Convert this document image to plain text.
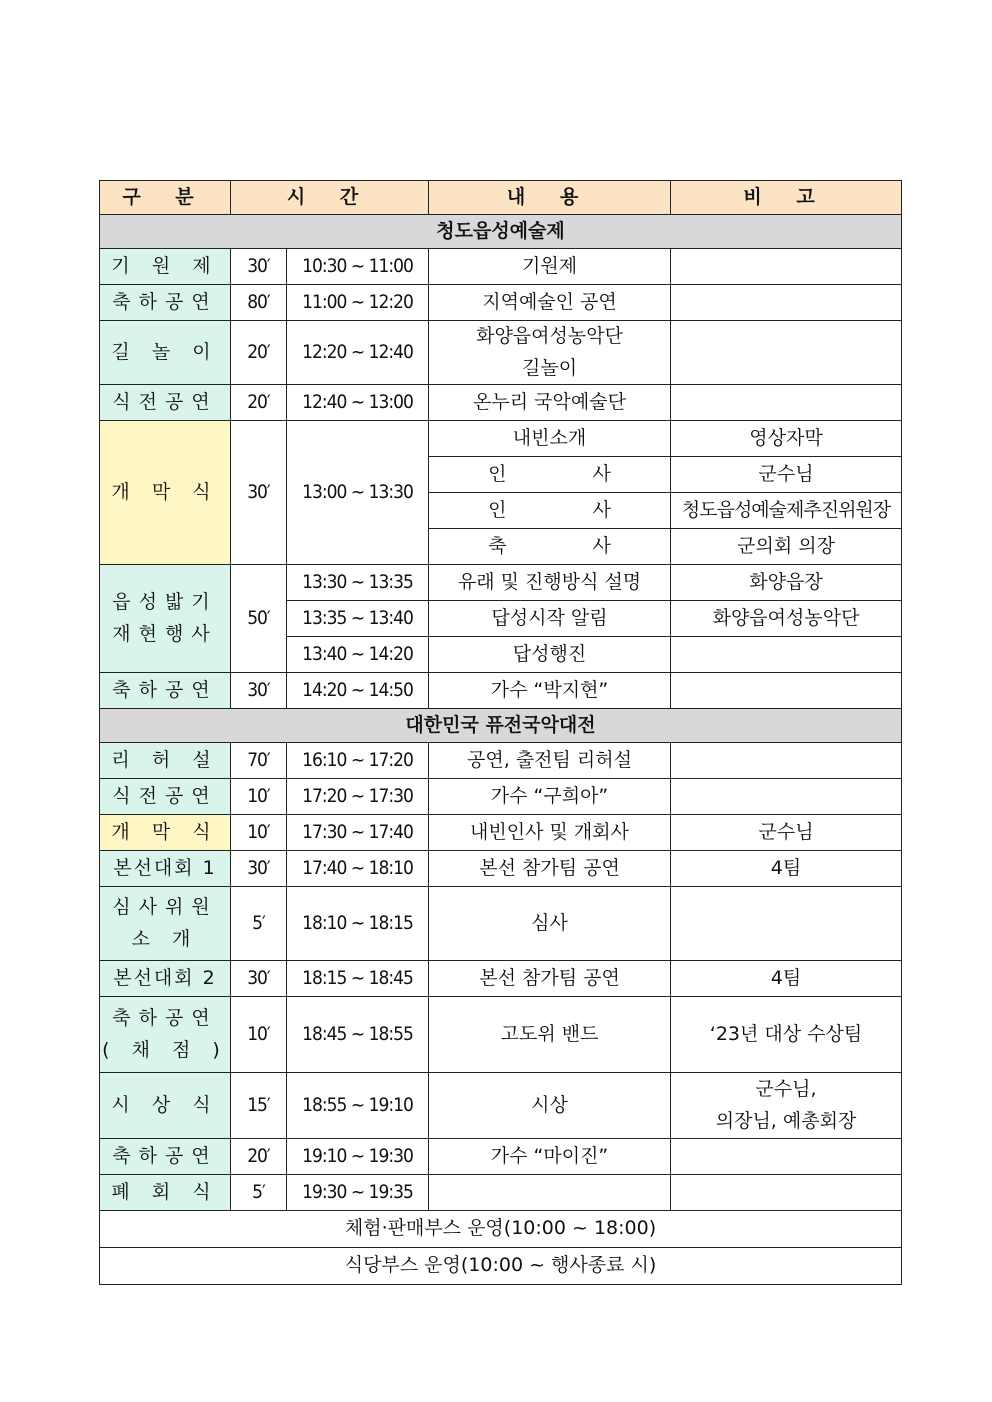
구 분	시 간		내 용	비 고
청도읍성예술제				
기 원 제	30′	10:30 ~ 11:00	기원제	
축하공연	80′	11:00 ~ 12:20	지역예술인 공연	
길 놀 이	20′	12:20 ~ 12:40	화양읍여성농악단
길놀이	

식전공연	20′	12:40 ~ 13:00	온누리 국악예술단	
개 막 식	30′	13:00 ~ 13:30	내빈소개	영상자막
			인 사	군수님
			인 사	청도읍성예술제추진위원장
			축 사	군의회 의장

읍성밟기
재현행사	50′	13:30 ~ 13:35	유래 및 진행방식 설명	화양읍장
		13:35 ~ 13:40	답성시작 알림	화양읍여성농악단
		13:40 ~ 14:20	답성행진	
축하공연	30′	14:20 ~ 14:50	가수 “박지현”	
대한민국 퓨전국악대전				
리 허 설	70′	16:10 ~ 17:20	공연, 출전팀 리허설	
식전공연	10′	17:20 ~ 17:30	가수 “구희아”	
개 막 식	10′	17:30 ~ 17:40	내빈인사 및 개회사	군수님
본선대회 1	30′	17:40 ~ 18:10	본선 참가팀 공연	4팀

심사위원
소 개	5′	18:10 ~ 18:15	심사	
본선대회 2	30′	18:15 ~ 18:45	본선 참가팀 공연	4팀

축하공연
( 채 점 )	10′	18:45 ~ 18:55	고도위 밴드	‘23년 대상 수상팀
시 상 식	15′	18:55 ~ 19:10	시상	군수님,
의장님, 예총회장

축하공연	20′	19:10 ~ 19:30	가수 “마이진”	
폐 회 식	5′	19:30 ~ 19:35		
체험·판매부스 운영(10:00 ~ 18:00)				
식당부스 운영(10:00 ~ 행사종료 시)				
